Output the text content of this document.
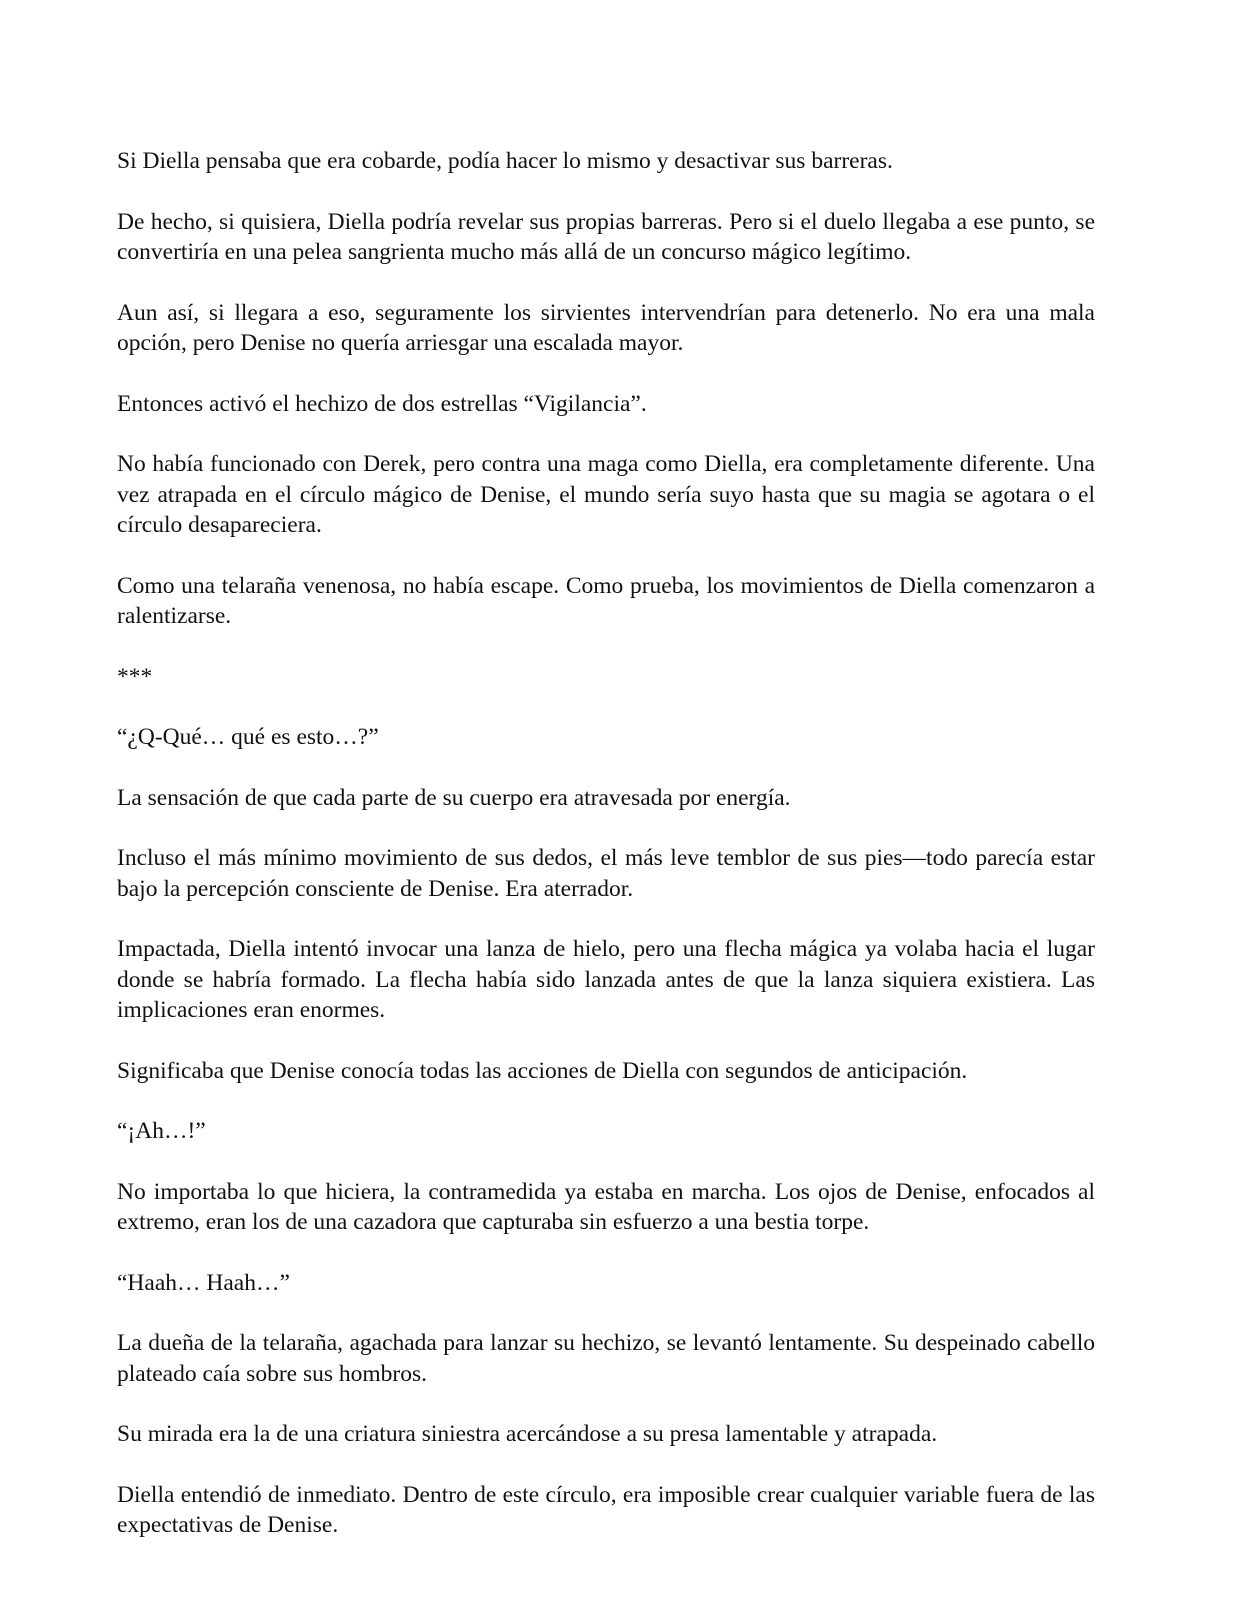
Si Diella pensaba que era cobarde, podía hacer lo mismo y desactivar sus barreras.

De hecho, si quisiera, Diella podría revelar sus propias barreras. Pero si el duelo llegaba a ese punto, se convertiría en una pelea sangrienta mucho más allá de un concurso mágico legítimo.

Aun así, si llegara a eso, seguramente los sirvientes intervendrían para detenerlo. No era una mala opción, pero Denise no quería arriesgar una escalada mayor.

Entonces activó el hechizo de dos estrellas “Vigilancia”.

No había funcionado con Derek, pero contra una maga como Diella, era completamente diferente. Una vez atrapada en el círculo mágico de Denise, el mundo sería suyo hasta que su magia se agotara o el círculo desapareciera.

Como una telaraña venenosa, no había escape. Como prueba, los movimientos de Diella comenzaron a ralentizarse.

***

“¿Q-Qué… qué es esto…?”

La sensación de que cada parte de su cuerpo era atravesada por energía.

Incluso el más mínimo movimiento de sus dedos, el más leve temblor de sus pies—todo parecía estar bajo la percepción consciente de Denise. Era aterrador.

Impactada, Diella intentó invocar una lanza de hielo, pero una flecha mágica ya volaba hacia el lugar donde se habría formado. La flecha había sido lanzada antes de que la lanza siquiera existiera. Las implicaciones eran enormes.

Significaba que Denise conocía todas las acciones de Diella con segundos de anticipación.

“¡Ah…!”

No importaba lo que hiciera, la contramedida ya estaba en marcha. Los ojos de Denise, enfocados al extremo, eran los de una cazadora que capturaba sin esfuerzo a una bestia torpe.

“Haah… Haah…”

La dueña de la telaraña, agachada para lanzar su hechizo, se levantó lentamente. Su despeinado cabello plateado caía sobre sus hombros.

Su mirada era la de una criatura siniestra acercándose a su presa lamentable y atrapada.

Diella entendió de inmediato. Dentro de este círculo, era imposible crear cualquier variable fuera de las expectativas de Denise.
